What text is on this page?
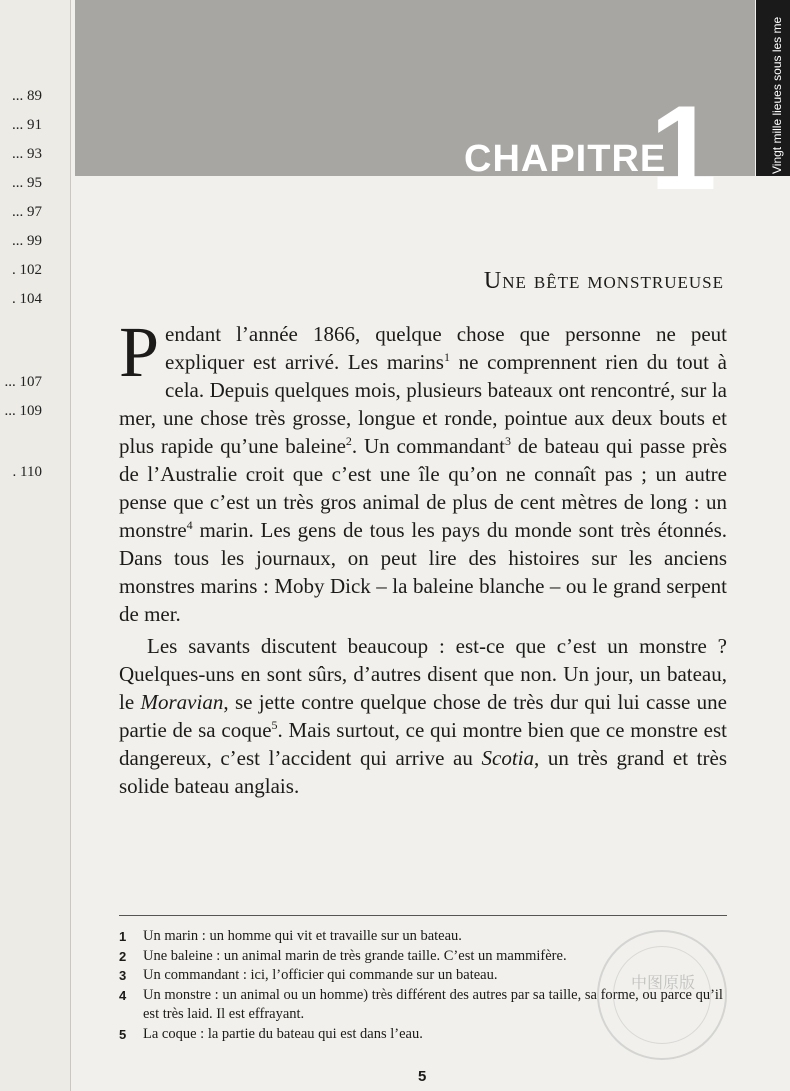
... 89
... 91
... 93
... 95
... 97
... 99
. 102
. 104
... 107
... 109
. 110
CHAPITRE
1	Vingt mille lieues sous les me
Une bête monstrueuse

Pendant l’année 1866, quelque chose que personne ne peut expliquer est arrivé. Les marins$^1$ ne comprennent rien du tout à cela. Depuis quelques mois, plusieurs bateaux ont rencontré, sur la mer, une chose très grosse, longue et ronde, pointue aux deux bouts et plus rapide qu’une baleine$^2$. Un commandant$^3$ de bateau qui passe près de l’Australie croit que c’est une île qu’on ne connaît pas ; un autre pense que c’est un très gros animal de plus de cent mètres de long : un monstre$^4$ marin. Les gens de tous les pays du monde sont très étonnés. Dans tous les journaux, on peut lire des histoires sur les anciens monstres marins : Moby Dick – la baleine blanche – ou le grand serpent de mer.

Les savants discutent beaucoup : est-ce que c’est un monstre ? Quelques-uns en sont sûrs, d’autres disent que non. Un jour, un bateau, le Moravian, se jette contre quelque chose de très dur qui lui casse une partie de sa coque$^5$. Mais surtout, ce qui montre bien que ce monstre est dangereux, c’est l’accident qui arrive au Scotia, un très grand et très solide bateau anglais.

1	Un marin : un homme qui vit et travaille sur un bateau.
2	Une baleine : un animal marin de très grande taille. C’est un mammifère.
3	Un commandant : ici, l’officier qui commande sur un bateau.
4	Un monstre : un animal ou un homme) très différent des autres par sa taille, sa forme, ou parce qu’il est très laid. Il est effrayant.
5	La coque : la partie du bateau qui est dans l’eau.
中图原版
5
